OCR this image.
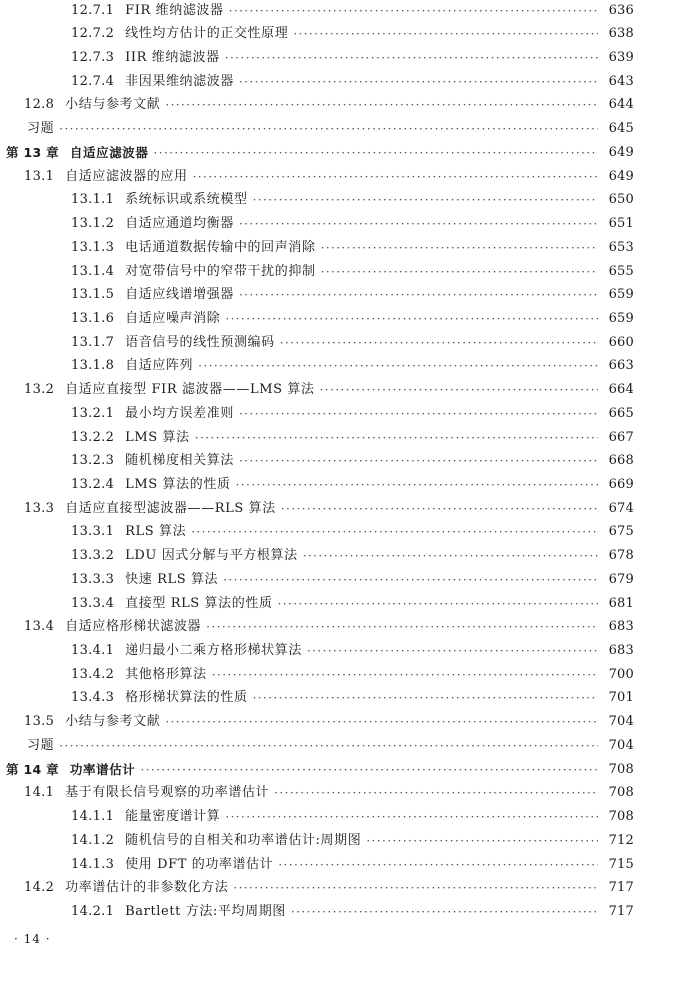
12.7.1 FIR 维纳滤波器 ·····	636
12.7.2 线性均方估计的正交性原理 ·····	638
12.7.3 IIR 维纳滤波器 ·····	639
12.7.4 非因果维纳滤波器 ·····	643
12.8 小结与参考文献 ·····	644
习题 ·····	645
第 13 章 自适应滤波器 ·····	649
13.1 自适应滤波器的应用 ·····	649
13.1.1 系统标识或系统模型 ·····	650
13.1.2 自适应通道均衡器 ·····	651
13.1.3 电话通道数据传输中的回声消除 ·····	653
13.1.4 对宽带信号中的窄带干扰的抑制 ·····	655
13.1.5 自适应线谱增强器 ·····	659
13.1.6 自适应噪声消除 ·····	659
13.1.7 语音信号的线性预测编码 ·····	660
13.1.8 自适应阵列 ·····	663
13.2 自适应直接型 FIR 滤波器——LMS 算法 ·····	664
13.2.1 最小均方误差准则 ·····	665
13.2.2 LMS 算法 ·····	667
13.2.3 随机梯度相关算法 ·····	668
13.2.4 LMS 算法的性质 ·····	669
13.3 自适应直接型滤波器——RLS 算法 ·····	674
13.3.1 RLS 算法 ·····	675
13.3.2 LDU 因式分解与平方根算法 ·····	678
13.3.3 快速 RLS 算法 ·····	679
13.3.4 直接型 RLS 算法的性质 ·····	681
13.4 自适应格形梯状滤波器 ·····	683
13.4.1 递归最小二乘方格形梯状算法 ·····	683
13.4.2 其他格形算法 ·····	700
13.4.3 格形梯状算法的性质 ·····	701
13.5 小结与参考文献 ·····	704
习题 ·····	704
第 14 章 功率谱估计 ·····	708
14.1 基于有限长信号观察的功率谱估计 ·····	708
14.1.1 能量密度谱计算 ·····	708
14.1.2 随机信号的自相关和功率谱估计:周期图 ·····	712
14.1.3 使用 DFT 的功率谱估计 ·····	715
14.2 功率谱估计的非参数化方法 ·····	717
14.2.1 Bartlett 方法:平均周期图 ·····	717
· 14 ·
